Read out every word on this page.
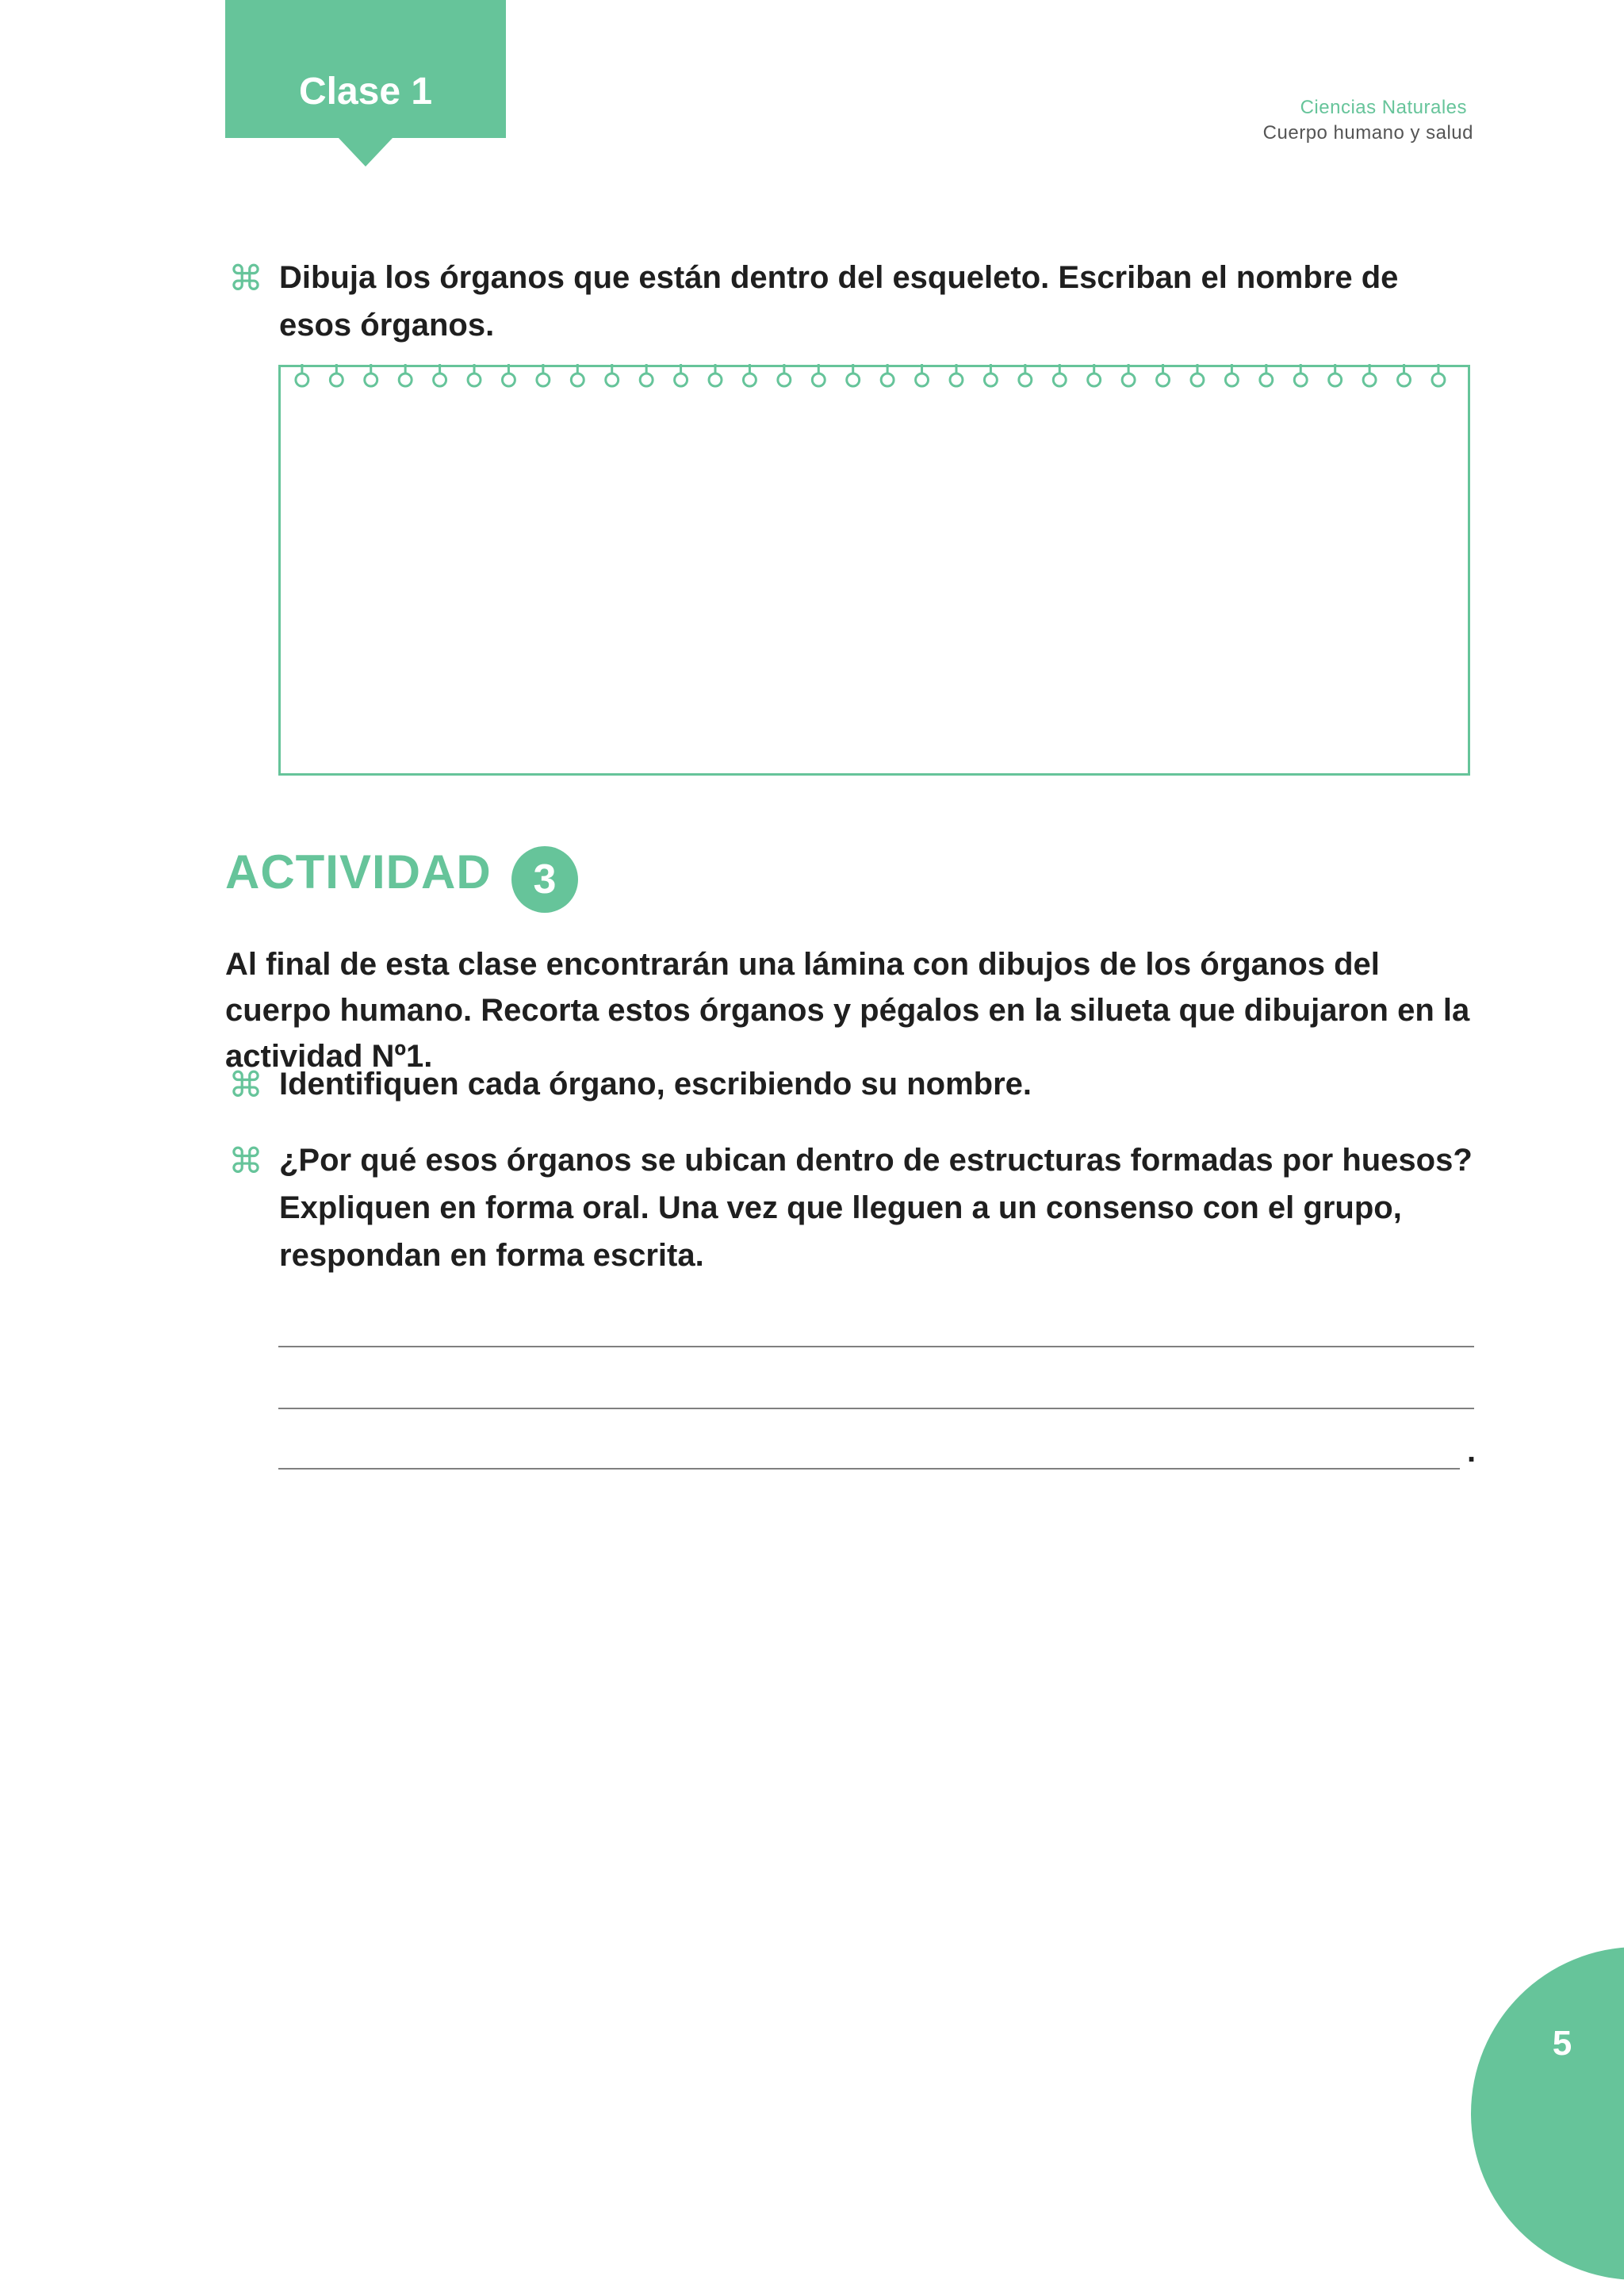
Clase 1	Ciencias Naturales
Cuerpo humano y salud
⌘ Dibuja los órganos que están dentro del esqueleto. Escriban el nombre de esos órganos.

ACTIVIDAD	3

Al final de esta clase encontrarán una lámina con dibujos de los órganos del cuerpo humano. Recorta estos órganos y pégalos en la silueta que dibujaron en la actividad Nº1.

⌘ Identifiquen cada órgano, escribiendo su nombre.

⌘ ¿Por qué esos órganos se ubican dentro de estructuras formadas por huesos? Expliquen en forma oral. Una vez que lleguen a un consenso con el grupo, respondan en forma escrita.

.
5
